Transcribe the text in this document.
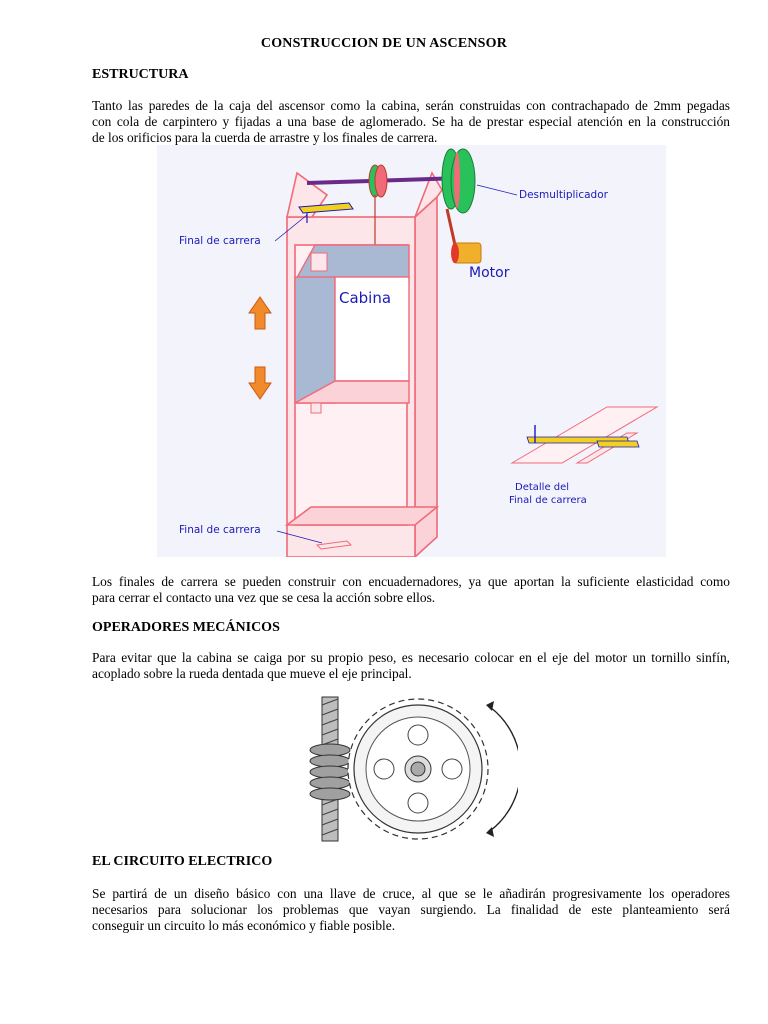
CONSTRUCCION DE UN ASCENSOR
ESTRUCTURA
Tanto las paredes de la caja del ascensor como la cabina, serán construidas con contrachapado de 2mm pegadas
con cola de carpintero y fijadas a una base de aglomerado. Se ha de prestar especial atención en la construcción
de los orificios para la cuerda de arrastre y los finales de carrera.
Final de carrera
Cabina
Desmultiplicador
Motor
Detalle del
Final de carrera
Final de carrera
Los finales de carrera se pueden construir con encuadernadores, ya que aportan la suficiente elasticidad como
para cerrar el contacto una vez que se cesa la acción sobre ellos.
OPERADORES MECÁNICOS
Para evitar que la cabina se caiga por su propio peso, es necesario colocar en el eje del motor un tornillo sinfín,
acoplado sobre la rueda dentada que mueve el eje principal.
EL CIRCUITO ELECTRICO
Se partirá de un diseño básico con una llave de cruce, al que se le añadirán progresivamente los operadores
necesarios para solucionar los problemas que vayan surgiendo. La finalidad de este planteamiento será
conseguir un circuito lo más económico y fiable posible.
